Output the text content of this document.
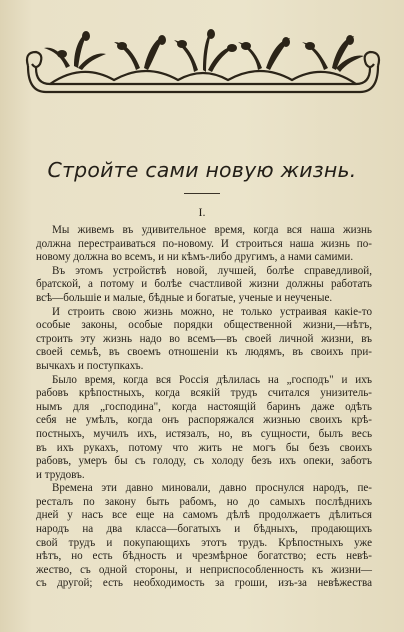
Стройте сами новую жизнь.
I.
Мы живемъ въ удивительное время, когда вся наша жизнь
должна перестраиваться по-новому. И строиться наша жизнь по-
новому должна во всемъ, и ни кѣмъ-либо другимъ, а нами самими.
Въ этомъ устройствѣ новой, лучшей, болѣе справедливой,
братской, а потому и болѣе счастливой жизни должны работать
всѣ—большіе и малые, бѣдные и богатые, ученые и неученые.
И строить свою жизнь можно, не только устраивая какіе-то
особые законы, особые порядки общественной жизни,—нѣтъ,
строить эту жизнь надо во всемъ—въ своей личной жизни, въ
своей семьѣ, въ своемъ отношеніи къ людямъ, въ своихъ при-
вычкахъ и поступкахъ.
Было время, когда вся Россія дѣлилась на „господъ" и ихъ
рабовъ крѣпостныхъ, когда всякій трудъ считался унизитель-
нымъ для „господина", когда настоящій баринъ даже одѣть
себя не умѣлъ, когда онъ распоряжался жизнью своихъ крѣ-
постныхъ, мучилъ ихъ, истязалъ, но, въ сущности, былъ весь
въ ихъ рукахъ, потому что жить не могъ бы безъ своихъ
рабовъ, умеръ бы съ голоду, съ холоду безъ ихъ опеки, заботъ
и трудовъ.
Времена эти давно миновали, давно проснулся народъ, пе-
ресталъ по закону быть рабомъ, но до самыхъ послѣднихъ
дней у насъ все еще на самомъ дѣлѣ продолжаетъ дѣлиться
народъ на два класса—богатыхъ и бѣдныхъ, продающихъ
свой трудъ и покупающихъ этотъ трудъ. Крѣпостныхъ уже
нѣтъ, но есть бѣдность и чрезмѣрное богатство; есть невѣ-
жество, съ одной стороны, и неприспособленность къ жизни—
съ другой; есть необходимость за гроши, изъ-за невѣжества
